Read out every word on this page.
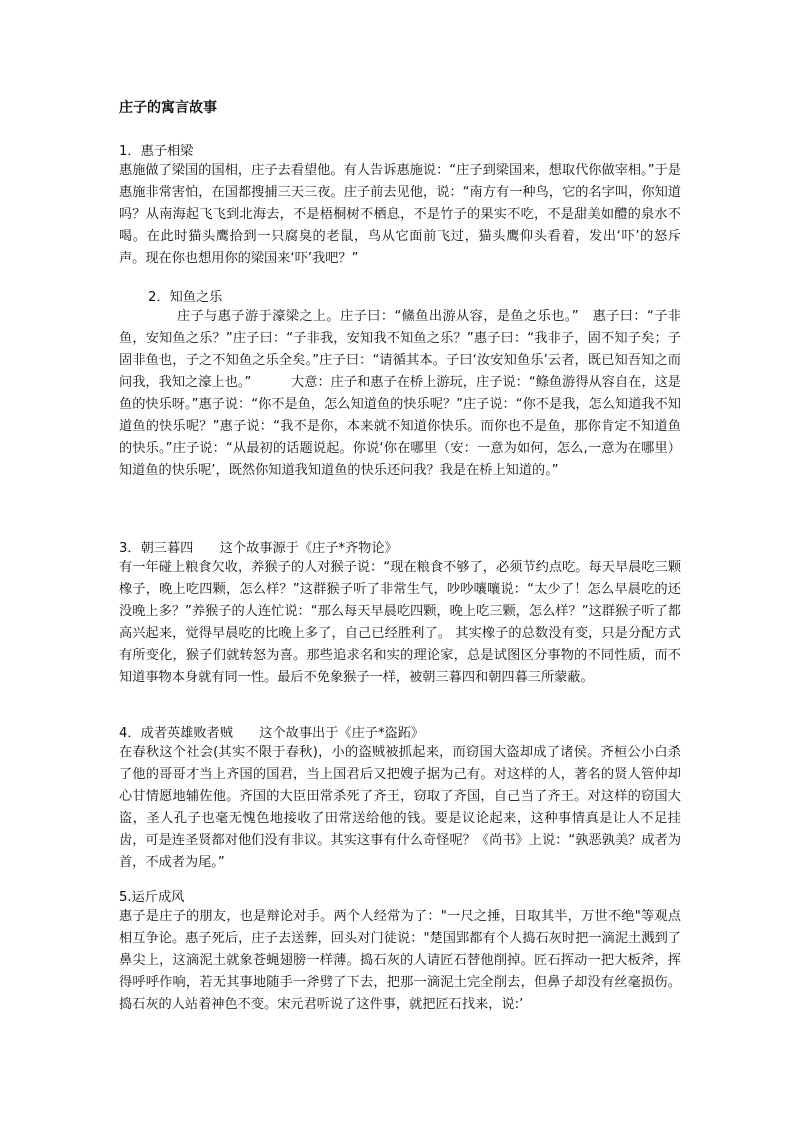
庄子的寓言故事
1．惠子相梁
惠施做了梁国的国相，庄子去看望他。有人告诉惠施说：“庄子到梁国来，想取代你做宰相。”于是惠施非常害怕，在国都搜捕三天三夜。庄子前去见他，说：“南方有一种鸟，它的名字叫，你知道吗？从南海起飞飞到北海去，不是梧桐树不栖息，不是竹子的果实不吃，不是甜美如醴的泉水不喝。在此时猫头鹰拾到一只腐臭的老鼠，鸟从它面前飞过，猫头鹰仰头看着，发出‘吓’的怒斥声。现在你也想用你的梁国来‘吓’我吧？”
2．知鱼之乐
庄子与惠子游于濠梁之上。庄子曰：“鯈鱼出游从容，是鱼之乐也。”　惠子曰：“子非鱼，安知鱼之乐？”庄子曰：“子非我，安知我不知鱼之乐？”惠子曰：“我非子，固不知子矣；子固非鱼也，子之不知鱼之乐全矣。”庄子曰：“请循其本。子曰‘汝安知鱼乐’云者，既已知吾知之而问我，我知之濠上也。”　　　大意：庄子和惠子在桥上游玩，庄子说：“鲦鱼游得从容自在，这是鱼的快乐呀。”惠子说：“你不是鱼，怎么知道鱼的快乐呢？”庄子说：“你不是我，怎么知道我不知道鱼的快乐呢？”惠子说：“我不是你，本来就不知道你快乐。而你也不是鱼，那你肯定不知道鱼的快乐。”庄子说：“从最初的话题说起。你说‘你在哪里（安：一意为如何，怎么,一意为在哪里）知道鱼的快乐呢’，既然你知道我知道鱼的快乐还问我？我是在桥上知道的。”
3．朝三暮四　　这个故事源于《庄子*齐物论》
有一年碰上粮食欠收，养猴子的人对猴子说：“现在粮食不够了，必须节约点吃。每天早晨吃三颗橡子，晚上吃四颗，怎么样？”这群猴子听了非常生气，吵吵嚷嚷说：“太少了！怎么早晨吃的还没晚上多？”养猴子的人连忙说：“那么每天早晨吃四颗，晚上吃三颗，怎么样？”这群猴子听了都高兴起来，觉得早晨吃的比晚上多了，自己已经胜利了。 其实橡子的总数没有变，只是分配方式有所变化，猴子们就转怒为喜。那些追求名和实的理论家，总是试图区分事物的不同性质，而不知道事物本身就有同一性。最后不免象猴子一样，被朝三暮四和朝四暮三所蒙蔽。
4．成者英雄败者贼　　这个故事出于《庄子*盗跖》
在春秋这个社会(其实不限于春秋)，小的盗贼被抓起来，而窃国大盗却成了诸侯。齐桓公小白杀了他的哥哥才当上齐国的国君，当上国君后又把嫂子据为己有。对这样的人，著名的贤人管仲却心甘情愿地辅佐他。齐国的大臣田常杀死了齐王，窃取了齐国，自己当了齐王。对这样的窃国大盗，圣人孔子也毫无愧色地接收了田常送给他的钱。要是议论起来，这种事情真是让人不足挂齿，可是连圣贤都对他们没有非议。其实这事有什么奇怪呢？《尚书》上说：“孰恶孰美？成者为首，不成者为尾。”
5.运斤成风
惠子是庄子的朋友，也是辩论对手。两个人经常为了："一尺之捶，日取其半，万世不绝"等观点相互争论。惠子死后，庄子去送葬，回头对门徒说："楚国郢都有个人捣石灰时把一滴泥土溅到了鼻尖上，这滴泥土就象苍蝇翅膀一样薄。捣石灰的人请匠石替他削掉。匠石挥动一把大板斧，挥得呼呼作响，若无其事地随手一斧劈了下去，把那一滴泥土完全削去，但鼻子却没有丝毫损伤。捣石灰的人站着神色不变。宋元君听说了这件事，就把匠石找来，说:’
